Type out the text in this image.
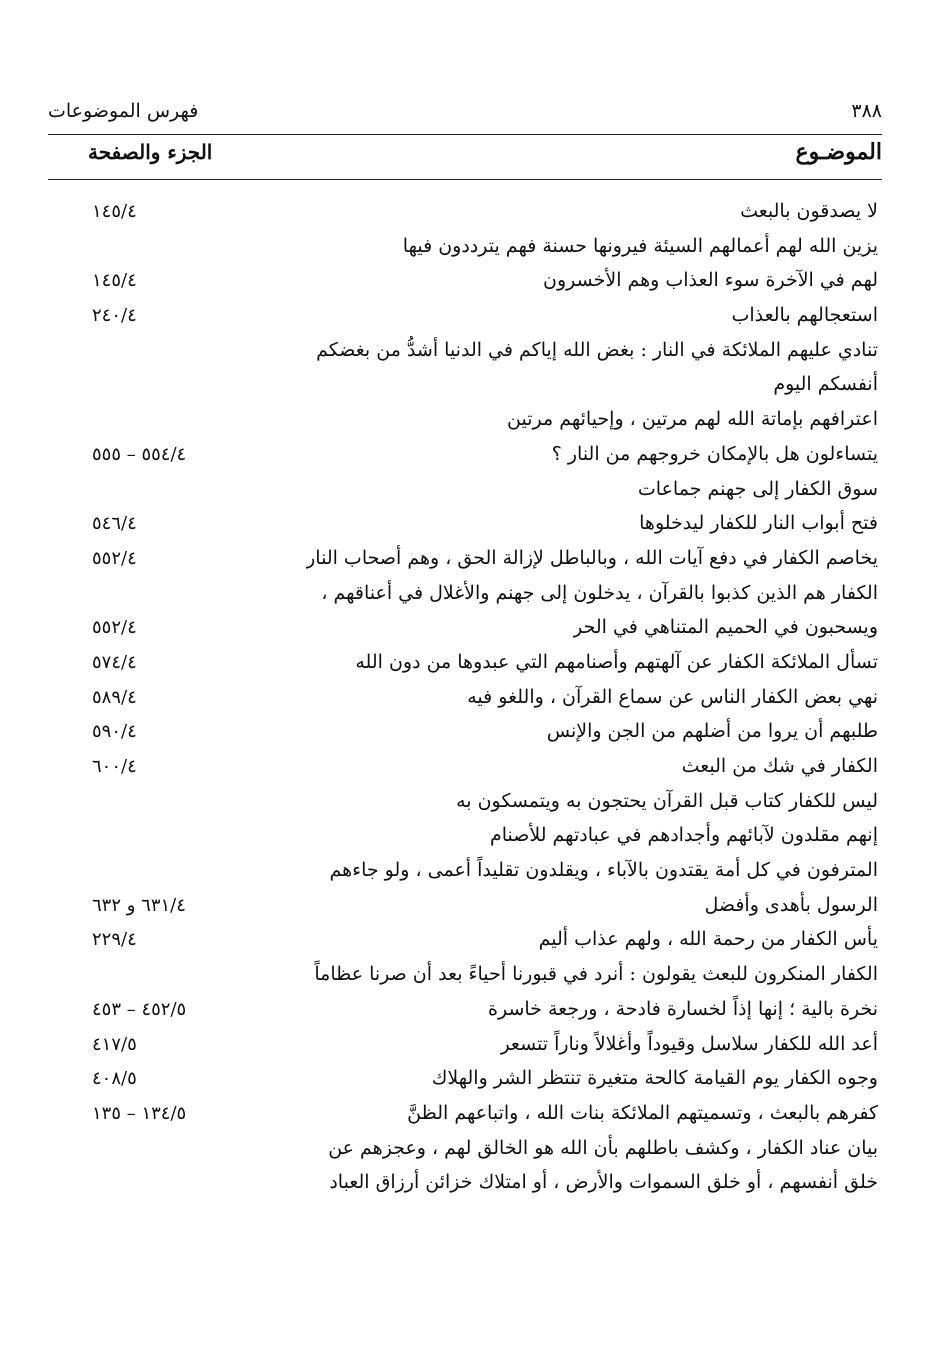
٣٨٨
فهرس الموضوعات
الموضـوع
الجزء والصفحة
لا يصدقون بالبعث
١٤٥/٤
يزين الله لهم أعمالهم السيئة فيرونها حسنة فهم يترددون فيها
لهم في الآخرة سوء العذاب وهم الأخسرون
١٤٥/٤
استعجالهم بالعذاب
٢٤٠/٤
تنادي عليهم الملائكة في النار : بغض الله إياكم في الدنيا أشدُّ من بغضكم
أنفسكم اليوم
اعترافهم بإماتة الله لهم مرتين ، وإحيائهم مرتين
يتساءلون هل بالإمكان خروجهم من النار ؟
٥٥٤/٤ – ٥٥٥
سوق الكفار إلى جهنم جماعات
فتح أبواب النار للكفار ليدخلوها
٥٤٦/٤
يخاصم الكفار في دفع آيات الله ، وبالباطل لإزالة الحق ، وهم أصحاب النار
٥٥٢/٤
الكفار هم الذين كذبوا بالقرآن ، يدخلون إلى جهنم والأغلال في أعناقهم ،
ويسحبون في الحميم المتناهي في الحر
٥٥٢/٤
تسأل الملائكة الكفار عن آلهتهم وأصنامهم التي عبدوها من دون الله
٥٧٤/٤
نهي بعض الكفار الناس عن سماع القرآن ، واللغو فيه
٥٨٩/٤
طلبهم أن يروا من أضلهم من الجن والإنس
٥٩٠/٤
الكفار في شك من البعث
٦٠٠/٤
ليس للكفار كتاب قبل القرآن يحتجون به ويتمسكون به
إنهم مقلدون لآبائهم وأجدادهم في عبادتهم للأصنام
المترفون في كل أمة يقتدون بالآباء ، ويقلدون تقليداً أعمى ، ولو جاءهم
الرسول بأهدى وأفضل
٦٣١/٤ و ٦٣٢
يأس الكفار من رحمة الله ، ولهم عذاب أليم
٢٢٩/٤
الكفار المنكرون للبعث يقولون : أنرد في قبورنا أحياءً بعد أن صرنا عظاماً
نخرة بالية ؛ إنها إذاً لخسارة فادحة ، ورجعة خاسرة
٤٥٢/٥ – ٤٥٣
أعد الله للكفار سلاسل وقيوداً وأغلالاً وناراً تتسعر
٤١٧/٥
وجوه الكفار يوم القيامة كالحة متغيرة تنتظر الشر والهلاك
٤٠٨/٥
كفرهم بالبعث ، وتسميتهم الملائكة بنات الله ، واتباعهم الظنَّ
١٣٤/٥ – ١٣٥
بيان عناد الكفار ، وكشف باطلهم بأن الله هو الخالق لهم ، وعجزهم عن
خلق أنفسهم ، أو خلق السموات والأرض ، أو امتلاك خزائن أرزاق العباد
